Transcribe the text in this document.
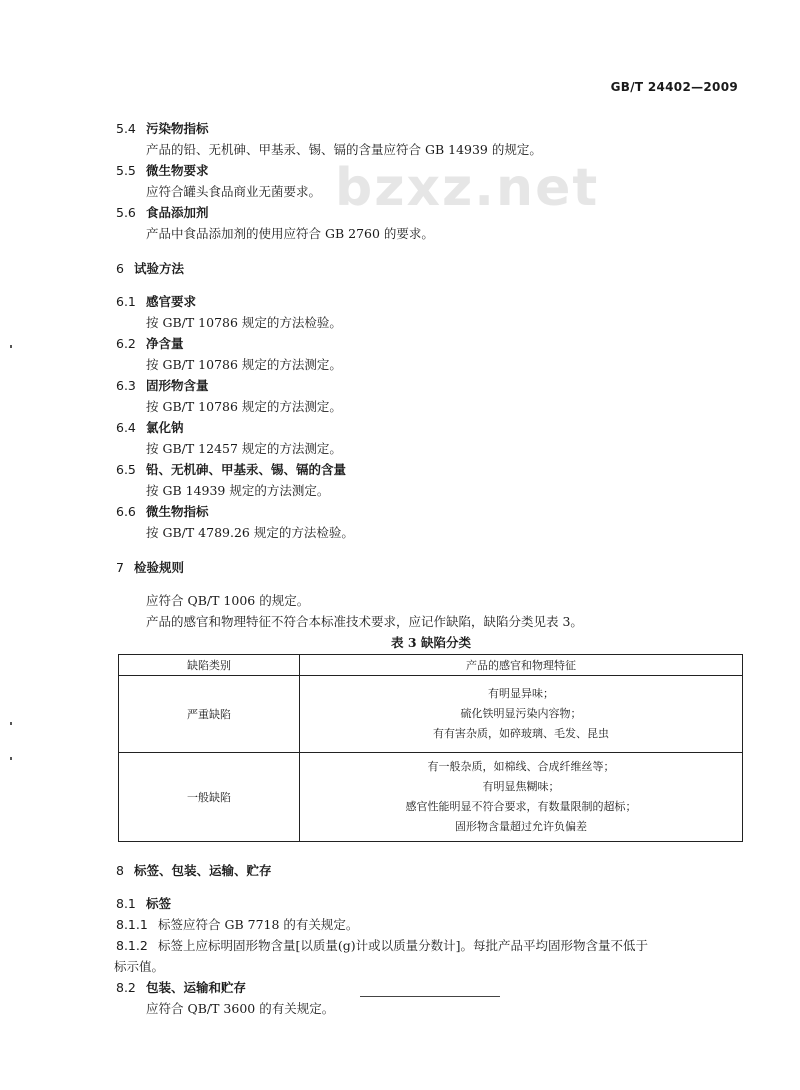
GB/T 24402—2009
bzxz.net
5.4 污染物指标
产品的铅、无机砷、甲基汞、锡、镉的含量应符合 GB 14939 的规定。
5.5 微生物要求
应符合罐头食品商业无菌要求。
5.6 食品添加剂
产品中食品添加剂的使用应符合 GB 2760 的要求。
6 试验方法
6.1 感官要求
按 GB/T 10786 规定的方法检验。
6.2 净含量
按 GB/T 10786 规定的方法测定。
6.3 固形物含量
按 GB/T 10786 规定的方法测定。
6.4 氯化钠
按 GB/T 12457 规定的方法测定。
6.5 铅、无机砷、甲基汞、锡、镉的含量
按 GB 14939 规定的方法测定。
6.6 微生物指标
按 GB/T 4789.26 规定的方法检验。
7 检验规则
应符合 QB/T 1006 的规定。
产品的感官和物理特征不符合本标准技术要求，应记作缺陷，缺陷分类见表 3。
表 3 缺陷分类
缺陷类别	产品的感官和物理特征
严重缺陷	有明显异味；
硫化铁明显污染内容物；
有有害杂质，如碎玻璃、毛发、昆虫

一般缺陷	有一般杂质，如棉线、合成纤维丝等；
有明显焦糊味；
感官性能明显不符合要求，有数量限制的超标；
固形物含量超过允许负偏差
8 标签、包装、运输、贮存
8.1 标签
8.1.1 标签应符合 GB 7718 的有关规定。
8.1.2 标签上应标明固形物含量[以质量(g)计或以质量分数计]。每批产品平均固形物含量不低于
标示值。
8.2 包装、运输和贮存
应符合 QB/T 3600 的有关规定。
